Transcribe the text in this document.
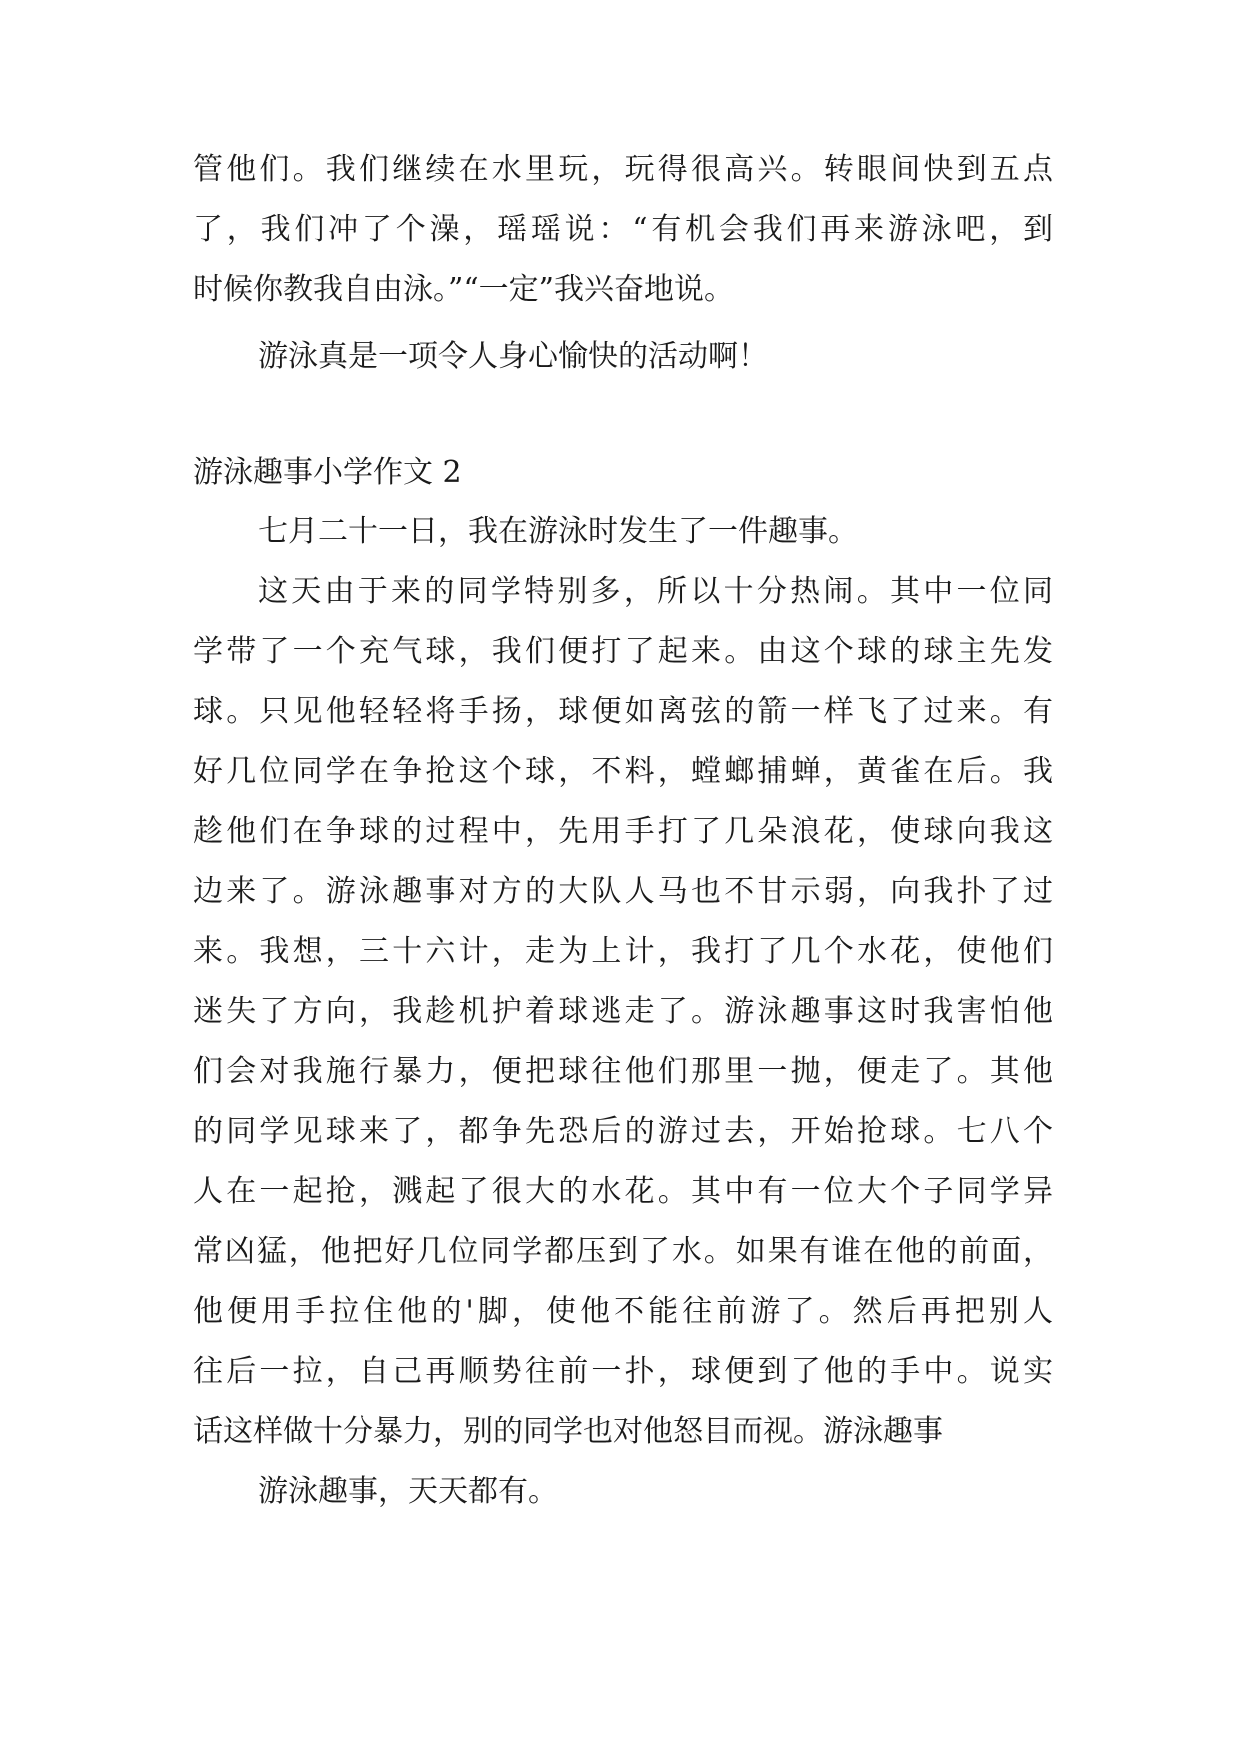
管他们。我们继续在水里玩，玩得很高兴。转眼间快到五点
了，我们冲了个澡，瑶瑶说：“有机会我们再来游泳吧，到
时候你教我自由泳。”“一定”我兴奋地说。
游泳真是一项令人身心愉快的活动啊！
游泳趣事小学作文 2
七月二十一日，我在游泳时发生了一件趣事。
这天由于来的同学特别多，所以十分热闹。其中一位同
学带了一个充气球，我们便打了起来。由这个球的球主先发
球。只见他轻轻将手扬，球便如离弦的箭一样飞了过来。有
好几位同学在争抢这个球，不料，螳螂捕蝉，黄雀在后。我
趁他们在争球的过程中，先用手打了几朵浪花，使球向我这
边来了。游泳趣事对方的大队人马也不甘示弱，向我扑了过
来。我想，三十六计，走为上计，我打了几个水花，使他们
迷失了方向，我趁机护着球逃走了。游泳趣事这时我害怕他
们会对我施行暴力，便把球往他们那里一抛，便走了。其他
的同学见球来了，都争先恐后的游过去，开始抢球。七八个
人在一起抢，溅起了很大的水花。其中有一位大个子同学异
常凶猛，他把好几位同学都压到了水。如果有谁在他的前面，
他便用手拉住他的'脚，使他不能往前游了。然后再把别人
往后一拉，自己再顺势往前一扑，球便到了他的手中。说实
话这样做十分暴力，别的同学也对他怒目而视。游泳趣事
游泳趣事，天天都有。
